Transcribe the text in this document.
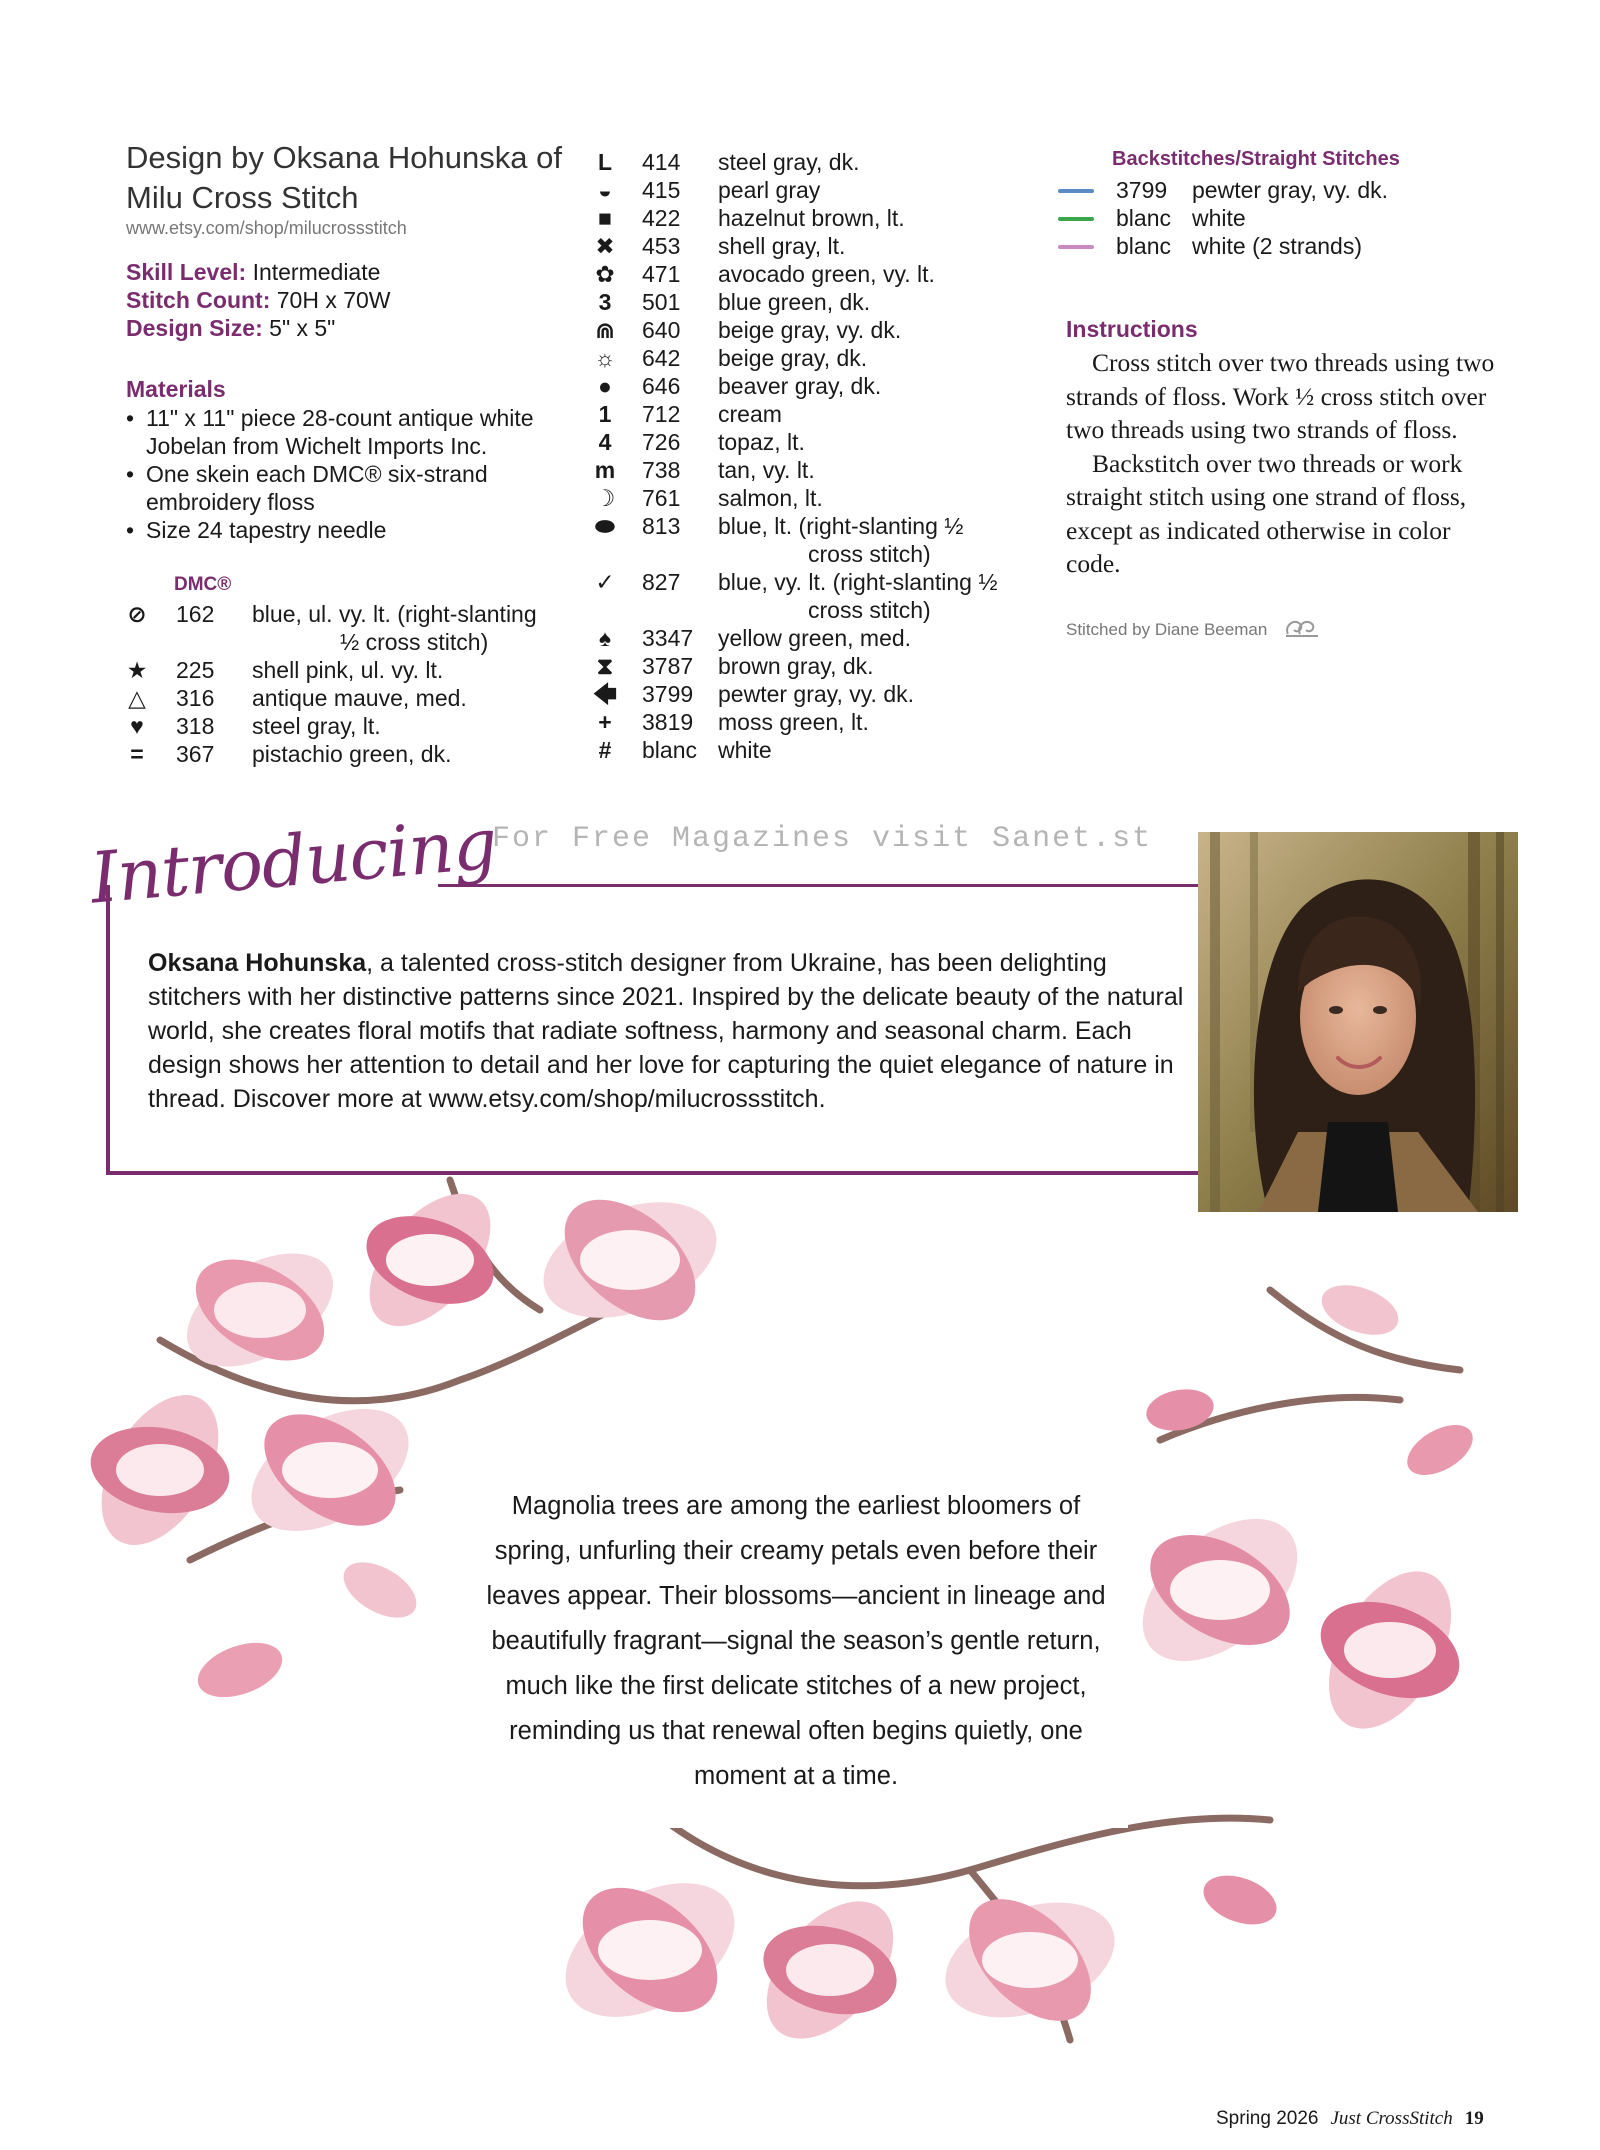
Design by Oksana Hohunska of Milu Cross Stitch
www.etsy.com/shop/milucrossstitch
Skill Level: Intermediate
Stitch Count: 70H x 70W
Design Size: 5" x 5"
Materials
• 11" x 11" piece 28-count antique white Jobelan from Wichelt Imports Inc.
• One skein each DMC® six-strand embroidery floss
• Size 24 tapestry needle
DMC®
⊘ 162 blue, ul. vy. lt. (right-slanting
½ cross stitch)
★ 225 shell pink, ul. vy. lt.
△ 316 antique mauve, med.
♥ 318 steel gray, lt.
= 367 pistachio green, dk.
L 414 steel gray, dk.
◒ 415 pearl gray
■ 422 hazelnut brown, lt.
✖ 453 shell gray, lt.
✿ 471 avocado green, vy. lt.
3 501 blue green, dk.
⋒ 640 beige gray, vy. dk.
☼ 642 beige gray, dk.
● 646 beaver gray, dk.
1 712 cream
4 726 topaz, lt.
m 738 tan, vy. lt.
☽ 761 salmon, lt.
⬬ 813 blue, lt. (right-slanting ½
cross stitch)
✓ 827 blue, vy. lt. (right-slanting ½
cross stitch)
♠ 3347 yellow green, med.
⧗ 3787 brown gray, dk.
🡄 3799 pewter gray, vy. dk.
+ 3819 moss green, lt.
# blanc white
Backstitches/Straight Stitches
3799 pewter gray, vy. dk.
blanc white
blanc white (2 strands)
Instructions

Cross stitch over two threads using two strands of floss. Work ½ cross stitch over two threads using two strands of floss.

Backstitch over two threads or work straight stitch using one strand of floss, except as indicated otherwise in color code.

Stitched by Diane Beeman
Introducing
For Free Magazines visit Sanet.st
Oksana Hohunska, a talented cross-stitch designer from Ukraine, has been delighting stitchers with her distinctive patterns since 2021. Inspired by the delicate beauty of the natural world, she creates floral motifs that radiate softness, harmony and seasonal charm. Each design shows her attention to detail and her love for capturing the quiet elegance of nature in thread. Discover more at www.etsy.com/shop/milucrossstitch.
Magnolia trees are among the earliest bloomers of spring, unfurling their creamy petals even before their leaves appear. Their blossoms—ancient in lineage and beautifully fragrant—signal the season’s gentle return, much like the first delicate stitches of a new project, reminding us that renewal often begins quietly, one moment at a time.
Spring 2026 Just CrossStitch 19
